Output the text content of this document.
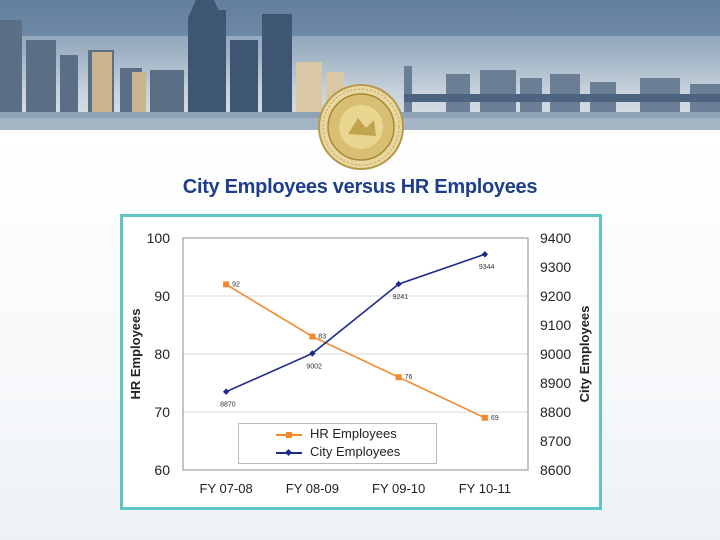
City Employees versus HR Employees
60
70
80
90
100
8600
8700
8800
8900
9000
9100
9200
9300
9400
FY 07-08	FY 08-09	FY 09-10	FY 10-11
HR Employees	City Employees
92
83
76
69
8870
9002
9241
9344
HR Employees
City Employees
